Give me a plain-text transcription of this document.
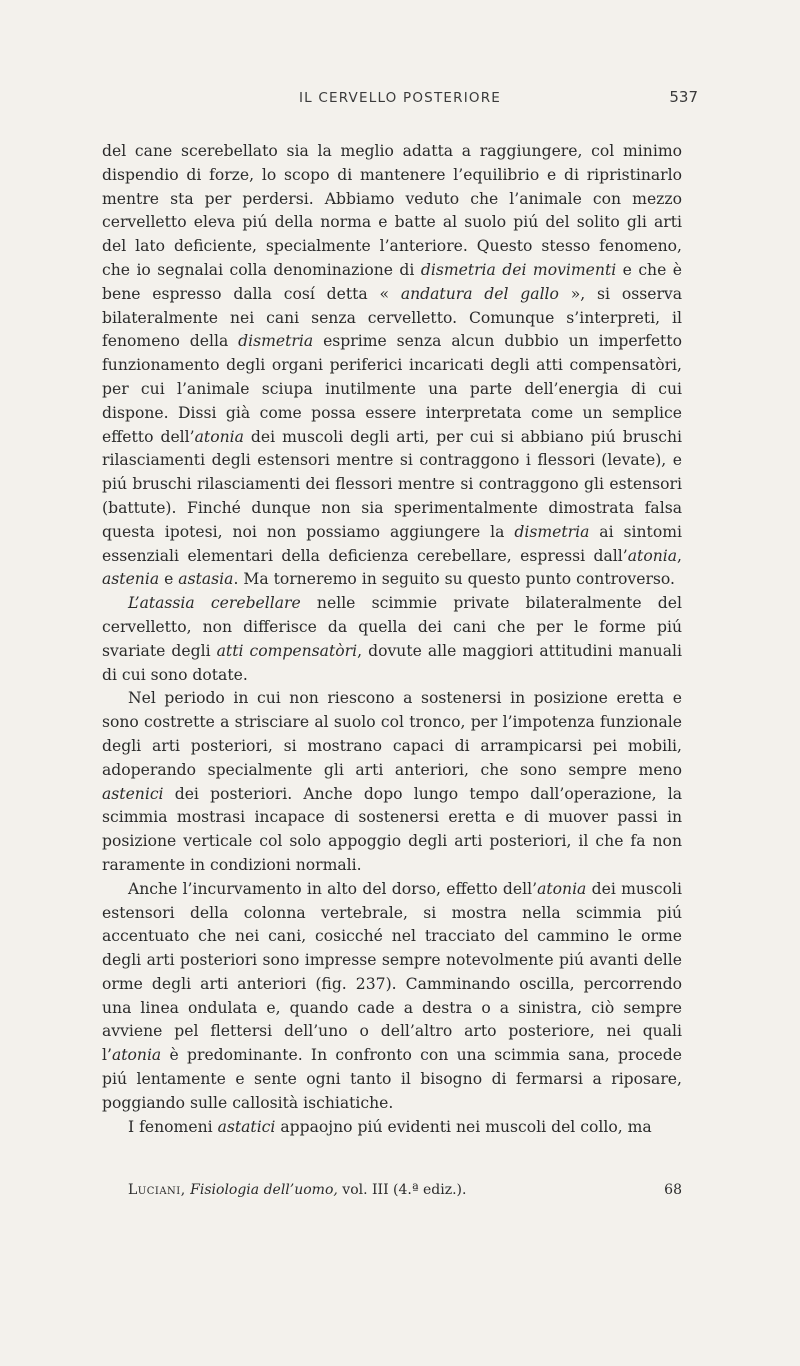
IL CERVELLO POSTERIORE	537

del cane scerebellato sia la meglio adatta a raggiungere, col minimo dispendio di forze, lo scopo di mantenere l’equilibrio e di ripristinarlo mentre sta per perdersi. Abbiamo veduto che l’animale con mezzo cervelletto eleva piú della norma e batte al suolo piú del solito gli arti del lato deficiente, specialmente l’anteriore. Questo stesso fenomeno, che io segnalai colla denominazione di dismetria dei movimenti e che è bene espresso dalla cosí detta « andatura del gallo », si osserva bilateralmente nei cani senza cervelletto. Comunque s’interpreti, il fenomeno della dismetria esprime senza alcun dubbio un imperfetto funzionamento degli organi periferici incaricati degli atti compensatòri, per cui l’animale sciupa inutilmente una parte dell’energia di cui dispone. Dissi già come possa essere interpretata come un semplice effetto dell’atonia dei muscoli degli arti, per cui si abbiano piú bruschi rilasciamenti degli estensori mentre si contraggono i flessori (levate), e piú bruschi rilasciamenti dei flessori mentre si contraggono gli estensori (battute). Finché dunque non sia sperimentalmente dimostrata falsa questa ipotesi, noi non possiamo aggiungere la dismetria ai sintomi essenziali elementari della deficienza cerebellare, espressi dall’atonia, astenia e astasia. Ma torneremo in seguito su questo punto controverso.

L’atassia cerebellare nelle scimmie private bilateralmente del cervelletto, non differisce da quella dei cani che per le forme piú svariate degli atti compensatòri, dovute alle maggiori attitudini manuali di cui sono dotate.

Nel periodo in cui non riescono a sostenersi in posizione eretta e sono costrette a strisciare al suolo col tronco, per l’impotenza funzionale degli arti posteriori, si mostrano capaci di arrampicarsi pei mobili, adoperando specialmente gli arti anteriori, che sono sempre meno astenici dei posteriori. Anche dopo lungo tempo dall’operazione, la scimmia mostrasi incapace di sostenersi eretta e di muover passi in posizione verticale col solo appoggio degli arti posteriori, il che fa non raramente in condizioni normali.

Anche l’incurvamento in alto del dorso, effetto dell’atonia dei muscoli estensori della colonna vertebrale, si mostra nella scimmia piú accentuato che nei cani, cosicché nel tracciato del cammino le orme degli arti posteriori sono impresse sempre notevolmente piú avanti delle orme degli arti anteriori (fig. 237). Camminando oscilla, percorrendo una linea ondulata e, quando cade a destra o a sinistra, ciò sempre avviene pel flettersi dell’uno o dell’altro arto posteriore, nei quali l’atonia è predominante. In confronto con una scimmia sana, procede piú lentamente e sente ogni tanto il bisogno di fermarsi a riposare, poggiando sulle callosità ischiatiche.

I fenomeni astatici appaojno piú evidenti nei muscoli del collo, ma

Luciani, Fisiologia dell’uomo, vol. III (4.ª ediz.).	68
